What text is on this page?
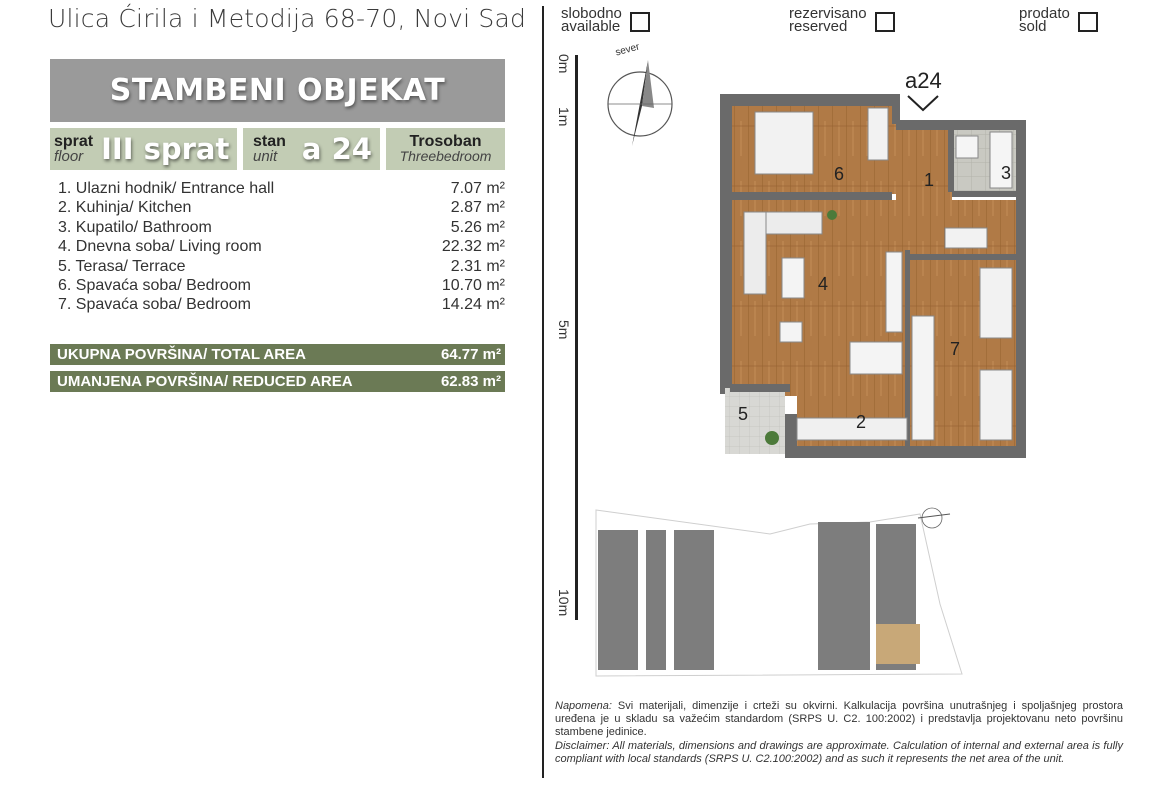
Ulica Ćirila i Metodija 68-70, Novi Sad
STAMBENI OBJEKAT
sprat
floor III sprat stan
unit a 24 Trosoban
Threebedroom
1. Ulazni hodnik/ Entrance hall	7.07 m²
2. Kuhinja/ Kitchen	2.87 m²
3. Kupatilo/ Bathroom	5.26 m²
4. Dnevna soba/ Living room	22.32 m²
5. Terasa/ Terrace	2.31 m²
6. Spavaća soba/ Bedroom	10.70 m²
7. Spavaća soba/ Bedroom	14.24 m²
UKUPNA POVRŠINA/ TOTAL AREA	64.77 m²
UMANJENA POVRŠINA/ REDUCED AREA	62.83 m²
slobodno
available
rezervisano
reserved
prodato
sold
0m
1m
5m
10m
sever
a24
1
2
3
4
5
6
7
Napomena: Svi materijali, dimenzije i crteži su okvirni. Kalkulacija površina unutrašnjeg i spoljašnjeg prostora uređena je u skladu sa važećim standardom (SRPS U. C2. 100:2002) i predstavlja projektovanu neto površinu stambene jedinice.
Disclaimer: All materials, dimensions and drawings are approximate. Calculation of internal and external area is fully compliant with local standards (SRPS U. C2.100:2002) and as such it represents the net area of the unit.
